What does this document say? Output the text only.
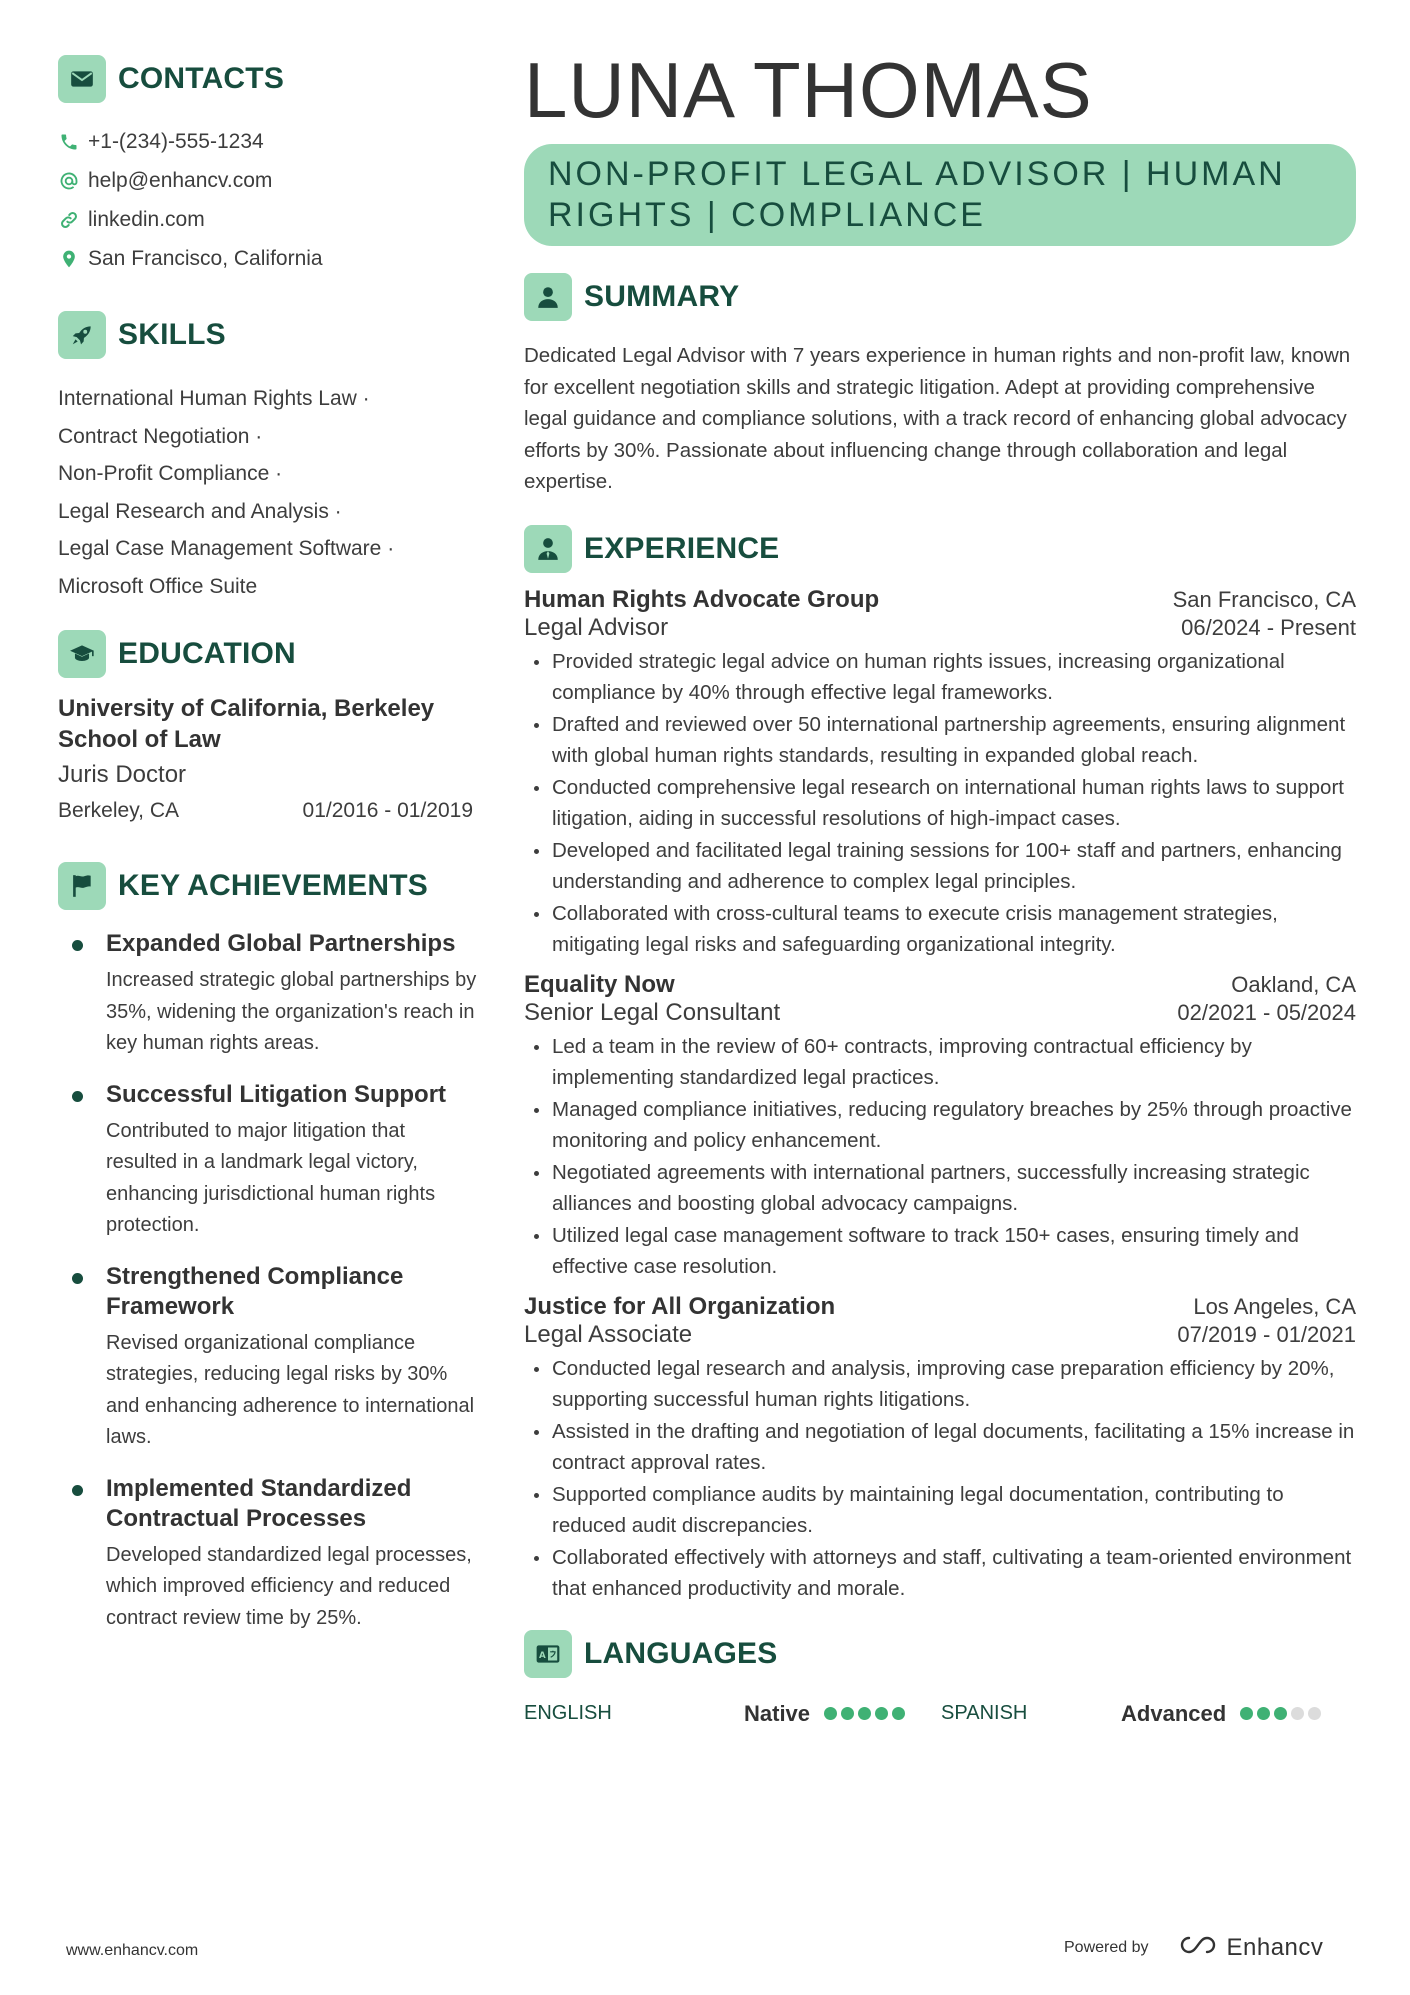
CONTACTS
+1-(234)-555-1234
help@enhancv.com
linkedin.com
San Francisco, California
SKILLS
International Human Rights Law ·
Contract Negotiation ·
Non-Profit Compliance ·
Legal Research and Analysis ·
Legal Case Management Software ·
Microsoft Office Suite
EDUCATION
University of California, Berkeley School of Law
Juris Doctor
Berkeley, CA	01/2016 - 01/2019
KEY ACHIEVEMENTS
Expanded Global Partnerships
Increased strategic global partnerships by 35%, widening the organization's reach in key human rights areas.
Successful Litigation Support
Contributed to major litigation that resulted in a landmark legal victory, enhancing jurisdictional human rights protection.
Strengthened Compliance Framework
Revised organizational compliance strategies, reducing legal risks by 30% and enhancing adherence to international laws.
Implemented Standardized Contractual Processes
Developed standardized legal processes, which improved efficiency and reduced contract review time by 25%.
LUNA THOMAS
NON-PROFIT LEGAL ADVISOR | HUMAN RIGHTS | COMPLIANCE
SUMMARY
Dedicated Legal Advisor with 7 years experience in human rights and non-profit law, known for excellent negotiation skills and strategic litigation. Adept at providing comprehensive legal guidance and compliance solutions, with a track record of enhancing global advocacy efforts by 30%. Passionate about influencing change through collaboration and legal expertise.
EXPERIENCE
Human Rights Advocate Group	San Francisco, CA
Legal Advisor	06/2024 - Present
Provided strategic legal advice on human rights issues, increasing organizational compliance by 40% through effective legal frameworks.
Drafted and reviewed over 50 international partnership agreements, ensuring alignment with global human rights standards, resulting in expanded global reach.
Conducted comprehensive legal research on international human rights laws to support litigation, aiding in successful resolutions of high-impact cases.
Developed and facilitated legal training sessions for 100+ staff and partners, enhancing understanding and adherence to complex legal principles.
Collaborated with cross-cultural teams to execute crisis management strategies, mitigating legal risks and safeguarding organizational integrity.
Equality Now	Oakland, CA
Senior Legal Consultant	02/2021 - 05/2024
Led a team in the review of 60+ contracts, improving contractual efficiency by implementing standardized legal practices.
Managed compliance initiatives, reducing regulatory breaches by 25% through proactive monitoring and policy enhancement.
Negotiated agreements with international partners, successfully increasing strategic alliances and boosting global advocacy campaigns.
Utilized legal case management software to track 150+ cases, ensuring timely and effective case resolution.
Justice for All Organization	Los Angeles, CA
Legal Associate	07/2019 - 01/2021
Conducted legal research and analysis, improving case preparation efficiency by 20%, supporting successful human rights litigations.
Assisted in the drafting and negotiation of legal documents, facilitating a 15% increase in contract approval rates.
Supported compliance audits by maintaining legal documentation, contributing to reduced audit discrepancies.
Collaborated effectively with attorneys and staff, cultivating a team-oriented environment that enhanced productivity and morale.
A LANGUAGES
ENGLISH	Native	SPANISH	Advanced
www.enhancv.com	Powered by	Enhancv
